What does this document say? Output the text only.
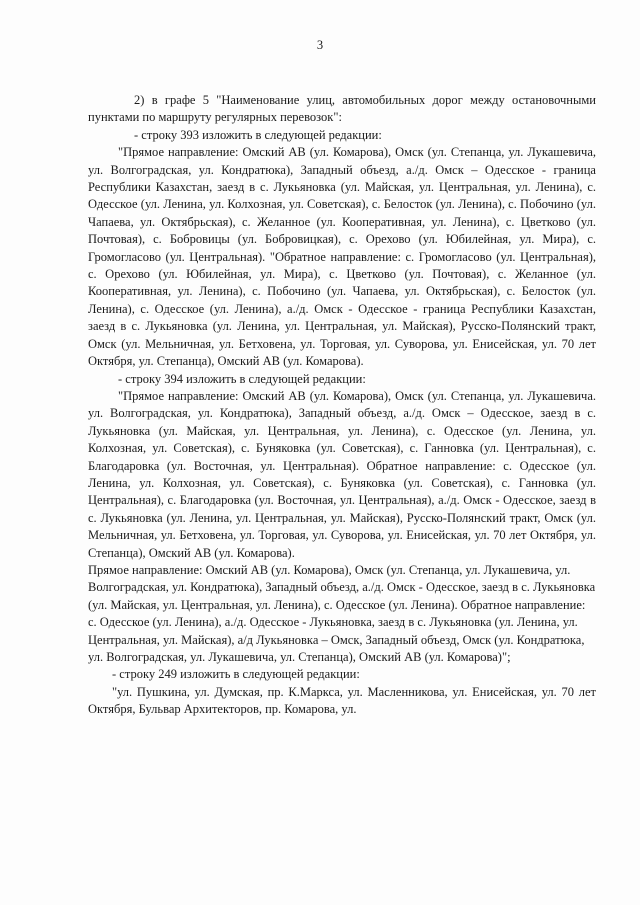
3

2) в графе 5 "Наименование улиц, автомобильных дорог между остановочными пунктами по маршруту регулярных перевозок":

- строку 393 изложить в следующей редакции:

"Прямое направление: Омский АВ (ул. Комарова), Омск (ул. Степанца, ул. Лукашевича, ул. Волгоградская, ул. Кондратюка), Западный объезд, а./д. Омск – Одесское - граница Республики Казахстан, заезд в с. Лукьяновка (ул. Майская, ул. Центральная, ул. Ленина), с. Одесское (ул. Ленина, ул. Колхозная, ул. Советская), с. Белосток (ул. Ленина), с. Побочино (ул. Чапаева, ул. Октябрьская), с. Желанное (ул. Кооперативная, ул. Ленина), с. Цветково (ул. Почтовая), с. Бобровицы (ул. Бобровицкая), с. Орехово (ул. Юбилейная, ул. Мира), с. Громогласово (ул. Центральная). "Обратное направление: с. Громогласово (ул. Центральная), с. Орехово (ул. Юбилейная, ул. Мира), с. Цветково (ул. Почтовая), с. Желанное (ул. Кооперативная, ул. Ленина), с. Побочино (ул. Чапаева, ул. Октябрьская), с. Белосток (ул. Ленина), с. Одесское (ул. Ленина), а./д. Омск - Одесское - граница Республики Казахстан, заезд в с. Лукьяновка (ул. Ленина, ул. Центральная, ул. Майская), Русско-Полянский тракт, Омск (ул. Мельничная, ул. Бетховена, ул. Торговая, ул. Суворова, ул. Енисейская, ул. 70 лет Октября, ул. Степанца), Омский АВ (ул. Комарова).

- строку 394 изложить в следующей редакции:

"Прямое направление: Омский АВ (ул. Комарова), Омск (ул. Степанца, ул. Лукашевича. ул. Волгоградская, ул. Кондратюка), Западный объезд, а./д. Омск – Одесское, заезд в с. Лукьяновка (ул. Майская, ул. Центральная, ул. Ленина), с. Одесское (ул. Ленина, ул. Колхозная, ул. Советская), с. Буняковка (ул. Советская), с. Ганновка (ул. Центральная), с. Благодаровка (ул. Восточная, ул. Центральная). Обратное направление: с. Одесское (ул. Ленина, ул. Колхозная, ул. Советская), с. Буняковка (ул. Советская), с. Ганновка (ул. Центральная), с. Благодаровка (ул. Восточная, ул. Центральная), а./д. Омск - Одесское, заезд в с. Лукьяновка (ул. Ленина, ул. Центральная, ул. Майская), Русско-Полянский тракт, Омск (ул. Мельничная, ул. Бетховена, ул. Торговая, ул. Суворова, ул. Енисейская, ул. 70 лет Октября, ул. Степанца), Омский АВ (ул. Комарова).

Прямое направление: Омский АВ (ул. Комарова), Омск (ул. Степанца, ул. Лукашевича, ул. Волгоградская, ул. Кондратюка), Западный объезд, а./д. Омск - Одесское, заезд в с. Лукьяновка (ул. Майская, ул. Центральная, ул. Ленина), с. Одесское (ул. Ленина). Обратное направление: с. Одесское (ул. Ленина), а./д. Одесское - Лукьяновка, заезд в с. Лукьяновка (ул. Ленина, ул. Центральная, ул. Майская), а/д Лукьяновка – Омск, Западный объезд, Омск (ул. Кондратюка, ул. Волгоградская, ул. Лукашевича, ул. Степанца), Омский АВ (ул. Комарова)";

- строку 249 изложить в следующей редакции:

"ул. Пушкина, ул. Думская, пр. К.Маркса, ул. Масленникова, ул. Енисейская, ул. 70 лет Октября, Бульвар Архитекторов, пр. Комарова, ул.
